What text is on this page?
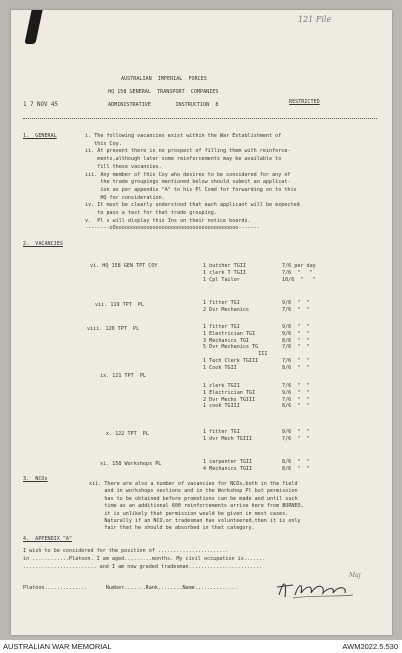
121 File
AUSTRALIAN  IMPERIAL  FORCES
HQ 158 GENERAL  TRANSPORT  COMPANIES
ADMINISTRATIVE        INSTRUCTION  8
1 7 NOV 45	RESTRICTED
1.  GENERAL	i. The following vacancies exist within the War Establishment of
this Coy.
ii. At present there is no prospect of filling them with reinforce-
ments,although later some reinforcements may be available to
fill these vacancies.
iii. Any member of this Coy who desires to be considered for any of
the trade groupings mentioned below should submit an applicat-
ion as per appendix "A" to his Pl Comd for forwarding on to this
HQ for consideration.
iv. It must be clearly understood that each applicant will be expected
to pass a test for that trade grouping.
v.  Pl s will display this Ins on their notice boards.
--------oOoooooooooooooooooooooooooooooooooooooooo-------
2.  VACANCIES
vi. HQ 158 GEN TPT COY	1 butcher TGII	7/6 per day
1 clerk T TGII	7/6  "   "
1 Cpl Tailor	10/6  "   "
vii. 119 TPT  PL	1 fitter TGI	9/6  "  "
2 Dvr Mechanics	7/6  "  "
viii. 120 TPT  PL	1 fitter TGI	9/6  "  "
1 Electrician TGI	9/6  "  "
3 Mechanics TGI	8/6  "  "
5 Dvr Mechanics TG	7/6  "  "
III
1 Tech Clerk TGIII	7/6  "  "
1 Cook TGII	8/6  "  "
ix. 121 TPT  PL
1 clerk TGII	7/6  "  "
1 Electrician TGI	9/6  "  "
2 Dvr Mechs TGIII	7/6  "  "
1 cook TGIII	8/6  "  "
x. 122 TPT  PL	1 fitter TGI	9/6  "  "
1 dvr Mech TGIII	7/6  "  "
xi. 158 Workshops PL	1 carpenter TGII	8/6  "  "
4 Mechanics TGII	8/6  "  "
3.  NCOs
xii. There are also a number of vacancies for NCOs,both in the field
and in workshops sections and in the Workshop Pl but permission
has to be obtained before promotions can be made and until such
time as an additional 600 reinforcements arrive here from BORNEO,
it is unlikely that permission would be given in most cases.
Naturally if an NCO,or tradesman has volunteered,then it is only
fair that he should be absorbed in that category.
4.  APPENDIX "A"
I wish to be considered for the position of .......................
in ............Platoon. I am aged.........months. My civil occupation is.......
........................ and I am now graded tradesman........................
Platoon..............      Number.......Rank........Name..............
Maj
AUSTRALIAN WAR MEMORIAL	AWM2022.5.530
